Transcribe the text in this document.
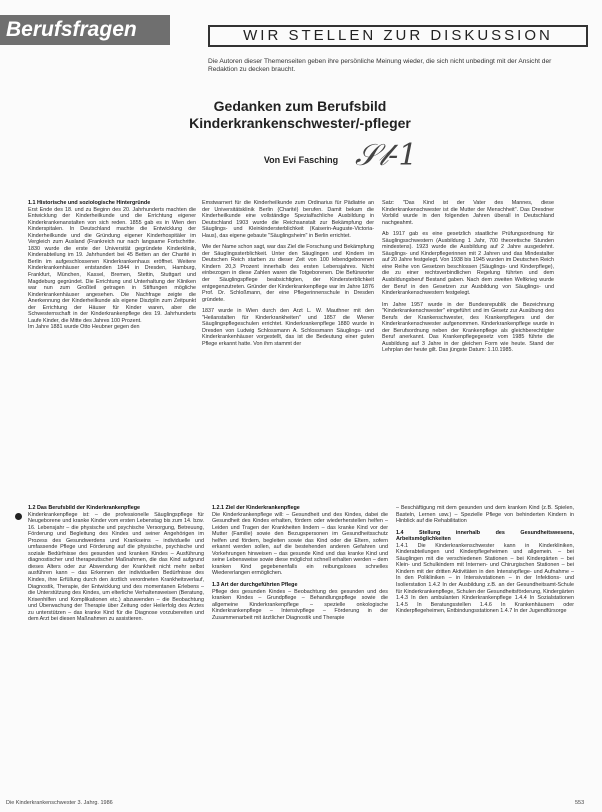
Berufsfragen	WIR STELLEN ZUR DISKUSSION
Die Autoren dieser Themenseiten geben ihre persönliche Meinung wieder, die sich nicht unbedingt mit der Ansicht der Redaktion zu decken braucht.
Gedanken zum Berufsbild
Kinderkrankenschwester/-pfleger
𝒮𝓁-1
Von Evi Fasching

1.1 Historische und soziologische Hintergründe

Erst Ende des 18. und zu Beginn des 20. Jahrhunderts machten die Entwicklung der Kinderheilkunde und die Errichtung eigener Kinderkrankenanstalten von sich reden. 1855 gab es in Wien den Kinderspitalen. In Deutschland machte die Entwicklung der Kinderheilkunde und die Gründung eigener Kinderhospitäler im Vergleich zum Ausland (Frankreich nur nach langsame Fortschritte. 1830 wurde die erste der Universität gegründete Kinderklinik, Kinderabteilung im 19. Jahrhundert bei 45 Betten an der Charité in Berlin im aufgeschlossenen Kinderkrankenhaus eröffnet. Weitere Kinderkrankenhäuser entstanden 1844 in Dresden, Hamburg, Frankfurt, München, Kassel, Bremen, Stettin, Stuttgart und Magdeburg gegründet. Die Errichtung und Unterhaltung der Kliniken war nun zum Großteil getragen in Stiftungen mögliche Kinderkrankenhäuser angesehen. Die Nachfrage zeigte die Anerkennung der Kinderheilkunde als eigene Disziplin zum Zeitpunkt der Errichtung der Häuser für Kinder waren, aber die Schwesternschaft in der Kinderkrankenpflege des 19. Jahrhunderts Laufe Kinder, die Mitte des Jahres 100 Prozent.

Im Jahre 1881 wurde Otto Heubner gegen den

Emstwarnert für die Kinderheilkunde zum Ordinarius für Pädiatrie an der Universitätsklinik Berlin (Charité) berufen. Damit bekam die Kinderheilkunde eine vollständige Spezialfachliche Ausbildung in Deutschland 1903 wurde die Reichsanstalt zur Bekämpfung der Säuglings- und Kleinkindersterblichkeit (Kaiserin-Auguste-Victoria-Haus), das eigene gebaute "Säuglingsheim" in Berlin errichtet.

Wie der Name schon sagt, war das Ziel die Forschung und Bekämpfung der Säuglingssterblichkeit. Unter den Säuglingen und Kindern im Deutschen Reich starben zu dieser Zeit von 100 lebendgeborenen Kindern 20,3 Prozent innerhalb des ersten Lebensjahres. Nicht einbezogen in diese Zahlen waren die Totgeborenen. Die Befürworter der Säuglingspflege beabsichtigten, der Kindersterblichkeit entgegenzutreten. Gründer der Kinderkrankenpflege war im Jahre 1876 Prof. Dr. Schloßmann, der eine Pflegerinnenschule in Dresden gründete.

1837 wurde in Wien durch den Arzt L. W. Mauthner mit den "Heilanstalten für Kinderkrankheiten" und 1857 die Wiener Säuglingspflegeschulen errichtet. Kinderkrankenpflege 1880 wurde in Dresden von Ludwig Schlossmann A. Schlossmann Säuglings- und Kinderkrankenhäuser vorgestellt, das ist die Bedeutung einer guten Pflege erkannt hatte. Von ihm stammt der

Satz: "Das Kind ist der Vater des Mannes, diese Kinderkrankenschwester ist die Mutter der Menschheit". Das Dresdner Vorbild wurde in den folgenden Jahren überall in Deutschland nachgeahmt.

Ab 1917 gab es eine gesetzlich staatliche Prüfungsordnung für Säuglingsschwestern (Ausbildung 1 Jahr, 700 theoretische Stunden mindestens). 1923 wurde die Ausbildung auf 2 Jahre ausgedehnt. Säuglings- und Kinderpflegerinnen mit 2 Jahren und das Mindestalter auf 20 Jahre festgelegt. Von 1938 bis 1945 wurden im Deutschen Reich eine Reihe von Gesetzen beschlossen (Säuglings- und Kinderpflege), die zu einer rechtsverbindlichen Regelung führten und dem Ausbildungsberuf Bestand gaben. Nach dem zweiten Weltkrieg wurde der Beruf in den Gesetzen zur Ausbildung von Säuglings- und Kinderkrankenschwestern festgelegt.

Im Jahre 1957 wurde in der Bundesrepublik die Bezeichnung "Kinderkrankenschwester" eingeführt und im Gesetz zur Ausübung des Berufs der Krankenschwester, des Krankenpflegers und der Kinderkrankenschwester aufgenommen. Kinderkrankenpflege wurde in der Berufsordnung neben der Krankenpflege als gleichberechtigter Beruf anerkannt. Das Krankenpflegegesetz vom 1985 führte die Ausbildung auf 3 Jahre in der gleichen Form wie heute. Stand der Lehrplan der heute gilt. Das jüngste Datum: 1.10.1985.

1.2 Das Berufsbild der Kinderkrankenpflege

Kinderkrankenpflege ist: – die professionelle Säuglingspflege für Neugeborene und kranke Kinder vom ersten Lebenstag bis zum 14. bzw. 16. Lebensjahr – die physische und psychische Versorgung, Betreuung, Förderung und Begleitung des Kindes und seiner Angehörigen im Prozess des Gesundwerdens und Krankseins – individuelle und umfassende Pflege und Förderung auf die physische, psychische und soziale Bedürfnisse des gesunden und kranken Kindes – Ausführung diagnostischer und therapeutischer Maßnahmen, die das Kind aufgrund dieses Alters oder zur Abwendung der Krankheit nicht mehr selbst ausführen kann – das Erkennen der individuellen Bedürfnisse des Kindes, ihre Erfüllung durch den ärztlich verordneten Krankheitsverlauf, Diagnostik, Therapie, der Entwicklung und des momentanen Erlebens – die Unterstützung des Kindes, um elterliche Verhaltensweisen (Beratung, Krisenhilfen und Komplikationen etc.) abzuwenden – die Beobachtung und Überwachung der Therapie über Zeitung oder Heilerfolg des Arztes zu unterstützen – das kranke Kind für die Diagnose vorzubereiten und dem Arzt bei diesen Maßnahmen zu assistieren.

1.2.1 Ziel der Kinderkrankenpflege

Die Kinderkrankenpflege will: – Gesundheit und des Kindes, dabei die Gesundheit des Kindes erhalten, fördern oder wiederherstellen helfen – Leiden und Tragen der Krankheiten lindern – das kranke Kind vor der Mutter (Familie) sowie den Bezugspersonen im Gesundheitsschutz helfen und fördern, begleiten sowie das Kind oder die Eltern, sofern erkannt werden sollen, auf die bestehenden anderen Gefahren und Vorkehrungen hinweisen – das gesunde Kind und das kranke Kind und seine Lebensweise sowie diese möglichst schnell erhalten werden – dem kranken Kind gegebenenfalls ein reibungsloses schnelles Wiedererlangen ermöglichen.

1.3 Art der durchgeführten Pflege

Pflege des gesunden Kindes – Beobachtung des gesunden und des kranken Kindes – Grundpflege – Behandlungspflege sowie die allgemeine Kinderkrankenpflege – spezielle onkologische Kinderkrankenpflege – Intensivpflege – Förderung in der Zusammenarbeit mit ärztlicher Diagnostik und Therapie

– Beschäftigung mit dem gesunden und dem kranken Kind (z.B. Spielen, Basteln, Lernen usw.) – Spezielle Pflege von behinderten Kindern in Hinblick auf die Rehabilitation

1.4 Stellung innerhalb des Gesundheitswesens, Arbeitsmöglichkeiten

1.4.1 Die Kinderkrankenschwester kann in Kinderkliniken, Kinderabteilungen und Kinderpflegeheimen und allgemein. – bei Säuglingen mit die verschiedenen Stationen – bei Kindergärten – bei Klein- und Schulkindern mit Internen- und Chirurgischen Stationen – bei Kindern mit der dritten Aktivitäten in den Intensivpflege- und Aufnahme – In den Polikliniken – in Intensivstationen – in der Infektions- und Isolierstation 1.4.2 In der Ausbildung z.B. an der Gesundheitsamt-Schule für Kinderkrankenpflege, Schulen der Gesundheitsförderung, Kindergärten 1.4.3 In den ambulanten Kinderkrankenpflege 1.4.4 In Sozialstationen 1.4.5 In Beratungsstellen 1.4.6 In Krankenhäusern oder Kinderpflegeheimen, Entbindungsstationen 1.4.7 In der Jugendfürsorge

Die Kinderkrankenschwester 3. Jahrg. 1986	553
